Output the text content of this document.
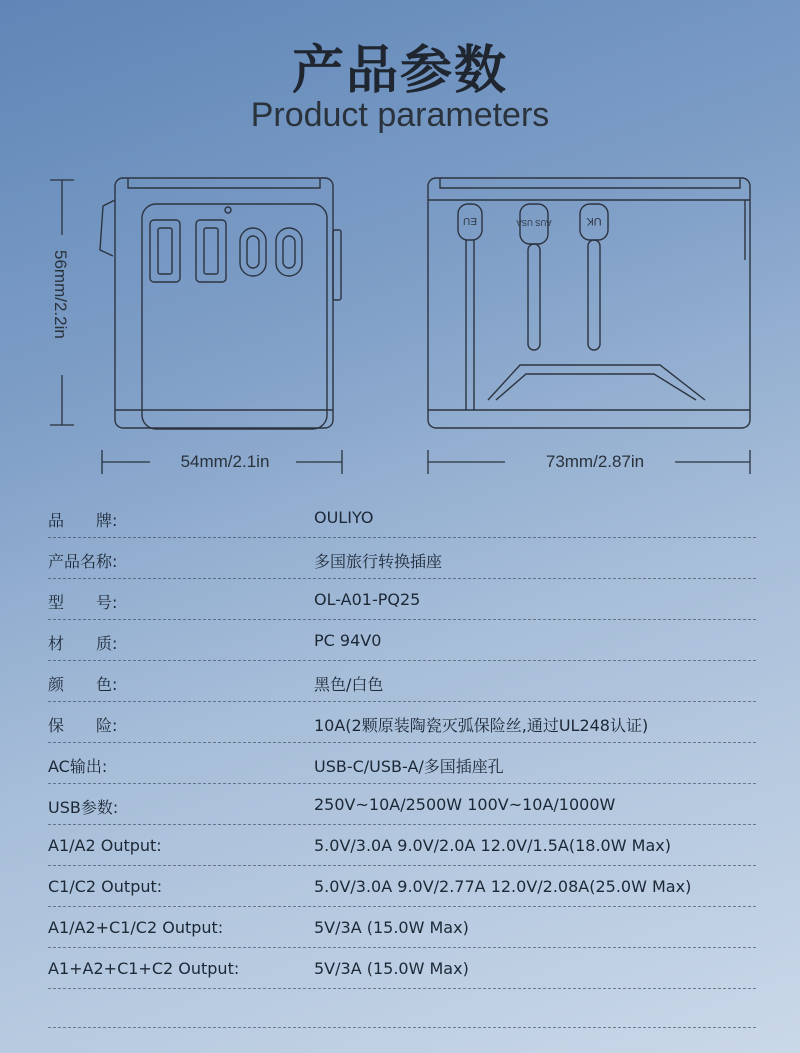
产品参数
Product parameters
EU	AUS USA	UK
56mm/2.2in
54mm/2.1in	73mm/2.87in
品　　牌:	OULIYO
产品名称:	多国旅行转换插座
型　　号:	OL-A01-PQ25
材　　质:	PC 94V0
颜　　色:	黑色/白色
保　　险:	10A(2颗原装陶瓷灭弧保险丝,通过UL248认证)
AC输出:	USB-C/USB-A/多国插座孔
USB参数:	250V~10A/2500W 100V~10A/1000W
A1/A2 Output:	5.0V/3.0A 9.0V/2.0A 12.0V/1.5A(18.0W Max)
C1/C2 Output:	5.0V/3.0A 9.0V/2.77A 12.0V/2.08A(25.0W Max)
A1/A2+C1/C2 Output:	5V/3A (15.0W Max)
A1+A2+C1+C2 Output:	5V/3A (15.0W Max)
